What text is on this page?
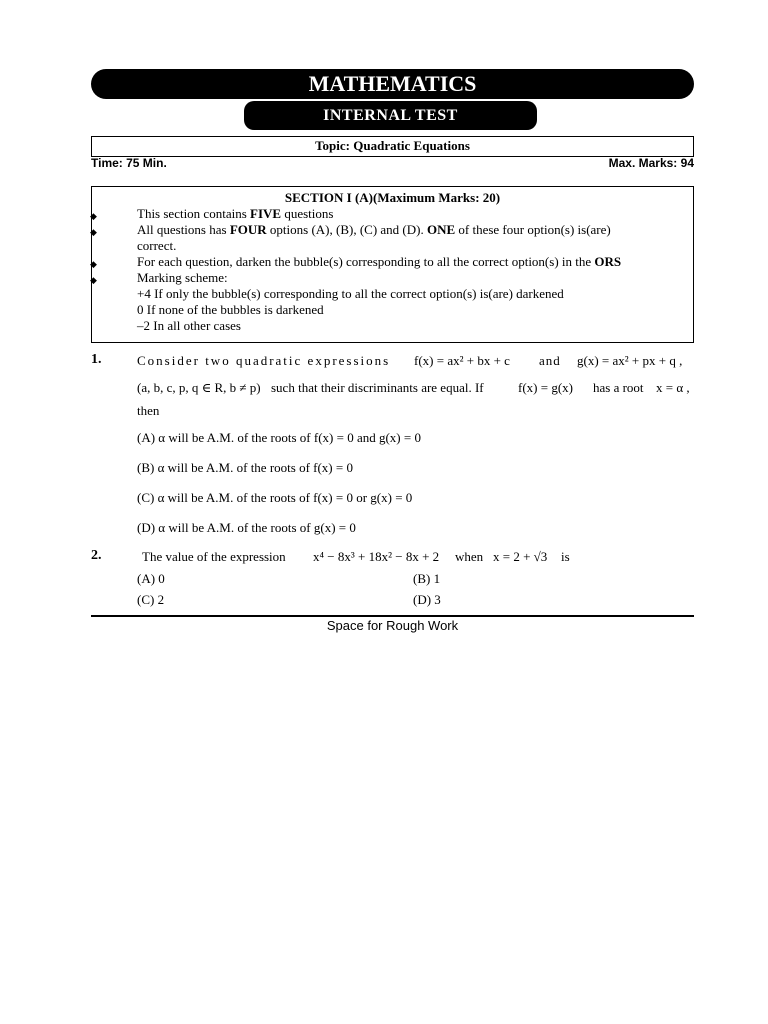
MATHEMATICS
INTERNAL TEST
Topic: Quadratic Equations
Time: 75 Min.	Max. Marks: 94
SECTION I (A)(Maximum Marks: 20)
◆	This section contains FIVE questions
◆	All questions has FOUR options (A), (B), (C) and (D). ONE of these four option(s) is(are)
correct.
◆	For each question, darken the bubble(s) corresponding to all the correct option(s) in the ORS
◆	Marking scheme:
+4 If only the bubble(s) corresponding to all the correct option(s) is(are) darkened
0 If none of the bubbles is darkened
–2 In all other cases
1.	Consider two quadratic expressions f(x) = ax² + bx + c and g(x) = ax² + px + q ,
(a, b, c, p, q ∈ R, b ≠ p) such that their discriminants are equal. If	f(x) = g(x) has a root x = α ,
then
(A) α will be A.M. of the roots of f(x) = 0 and g(x) = 0
(B) α will be A.M. of the roots of f(x) = 0
(C) α will be A.M. of the roots of f(x) = 0 or g(x) = 0
(D) α will be A.M. of the roots of g(x) = 0
2.	The value of the expression x⁴ − 8x³ + 18x² − 8x + 2 when x = 2 + √3 is
(A) 0	(B) 1
(C) 2	(D) 3
Space for Rough Work
